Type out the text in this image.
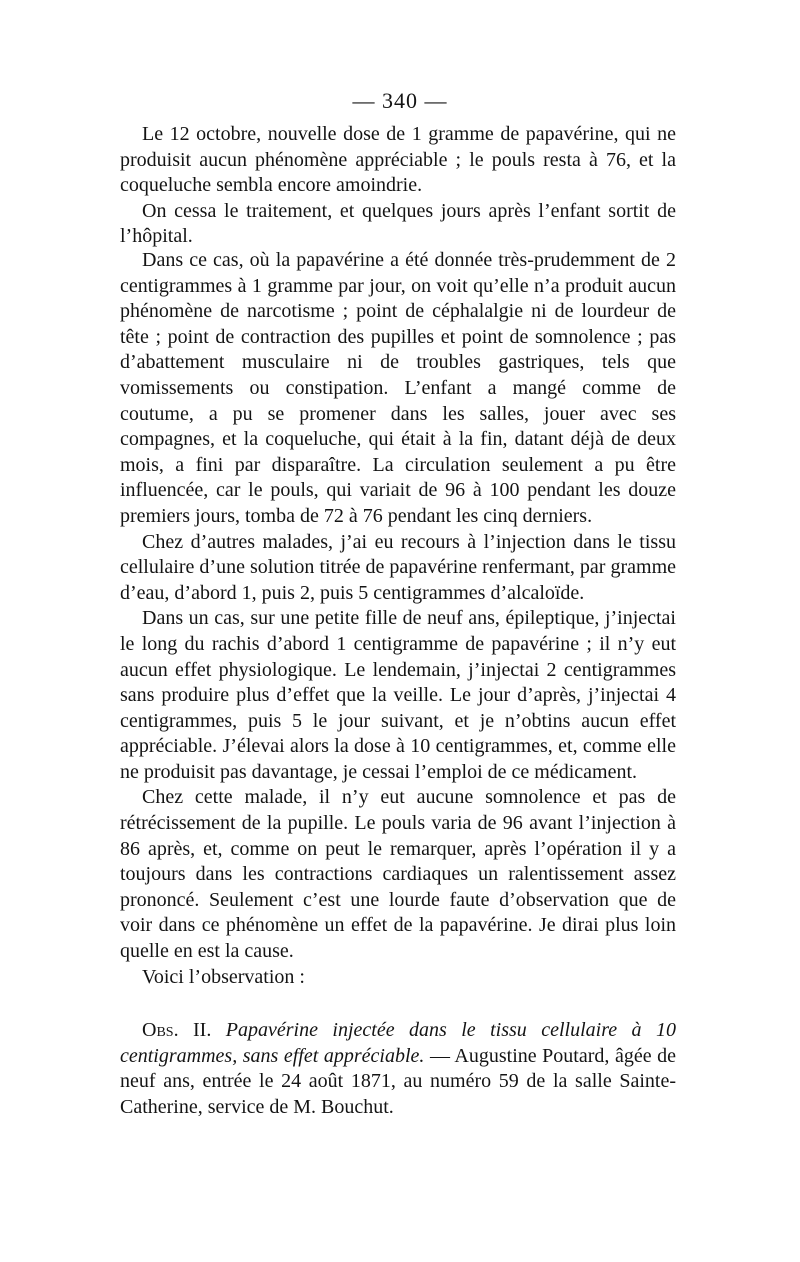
— 340 —

Le 12 octobre, nouvelle dose de 1 gramme de papavérine, qui ne produisit aucun phénomène appréciable ; le pouls resta à 76, et la coqueluche sembla encore amoindrie.

On cessa le traitement, et quelques jours après l’enfant sortit de l’hôpital.

Dans ce cas, où la papavérine a été donnée très-prudemment de 2 centigrammes à 1 gramme par jour, on voit qu’elle n’a produit aucun phénomène de narcotisme ; point de céphalalgie ni de lourdeur de tête ; point de contraction des pupilles et point de somnolence ; pas d’abattement musculaire ni de troubles gastriques, tels que vomissements ou constipation. L’enfant a mangé comme de coutume, a pu se promener dans les salles, jouer avec ses compagnes, et la coqueluche, qui était à la fin, datant déjà de deux mois, a fini par disparaître. La circulation seulement a pu être influencée, car le pouls, qui variait de 96 à 100 pendant les douze premiers jours, tomba de 72 à 76 pendant les cinq derniers.

Chez d’autres malades, j’ai eu recours à l’injection dans le tissu cellulaire d’une solution titrée de papavérine renfermant, par gramme d’eau, d’abord 1, puis 2, puis 5 centigrammes d’alcaloïde.

Dans un cas, sur une petite fille de neuf ans, épileptique, j’injectai le long du rachis d’abord 1 centigramme de papavérine ; il n’y eut aucun effet physiologique. Le lendemain, j’injectai 2 centigrammes sans produire plus d’effet que la veille. Le jour d’après, j’injectai 4 centigrammes, puis 5 le jour suivant, et je n’obtins aucun effet appréciable. J’élevai alors la dose à 10 centigrammes, et, comme elle ne produisit pas davantage, je cessai l’emploi de ce médicament.

Chez cette malade, il n’y eut aucune somnolence et pas de rétrécissement de la pupille. Le pouls varia de 96 avant l’injection à 86 après, et, comme on peut le remarquer, après l’opération il y a toujours dans les contractions cardiaques un ralentissement assez prononcé. Seulement c’est une lourde faute d’observation que de voir dans ce phénomène un effet de la papavérine. Je dirai plus loin quelle en est la cause.

Voici l’observation :

Obs. II. Papavérine injectée dans le tissu cellulaire à 10 centigrammes, sans effet appréciable. — Augustine Poutard, âgée de neuf ans, entrée le 24 août 1871, au numéro 59 de la salle Sainte-Catherine, service de M. Bouchut.
